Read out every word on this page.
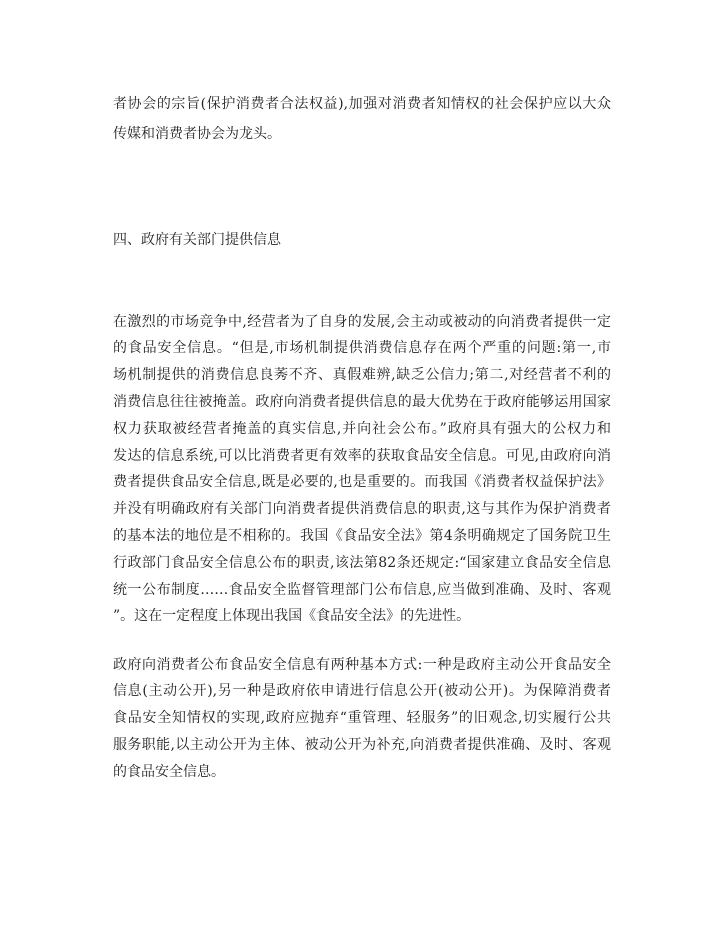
者协会的宗旨(保护消费者合法权益),加强对消费者知情权的社会保护应以大众
传媒和消费者协会为龙头。
四、政府有关部门提供信息
在激烈的市场竞争中,经营者为了自身的发展,会主动或被动的向消费者提供一定
的食品安全信息。“但是,市场机制提供消费信息存在两个严重的问题:第一,市
场机制提供的消费信息良莠不齐、真假难辨,缺乏公信力;第二,对经营者不利的
消费信息往往被掩盖。政府向消费者提供信息的最大优势在于政府能够运用国家
权力获取被经营者掩盖的真实信息,并向社会公布。”政府具有强大的公权力和
发达的信息系统,可以比消费者更有效率的获取食品安全信息。可见,由政府向消
费者提供食品安全信息,既是必要的,也是重要的。而我国《消费者权益保护法》
并没有明确政府有关部门向消费者提供消费信息的职责,这与其作为保护消费者
的基本法的地位是不相称的。我国《食品安全法》第4条明确规定了国务院卫生
行政部门食品安全信息公布的职责,该法第82条还规定:“国家建立食品安全信息
统一公布制度……食品安全监督管理部门公布信息,应当做到准确、及时、客观
”。这在一定程度上体现出我国《食品安全法》的先进性。
政府向消费者公布食品安全信息有两种基本方式:一种是政府主动公开食品安全
信息(主动公开),另一种是政府依申请进行信息公开(被动公开)。为保障消费者
食品安全知情权的实现,政府应抛弃“重管理、轻服务”的旧观念,切实履行公共
服务职能,以主动公开为主体、被动公开为补充,向消费者提供准确、及时、客观
的食品安全信息。
